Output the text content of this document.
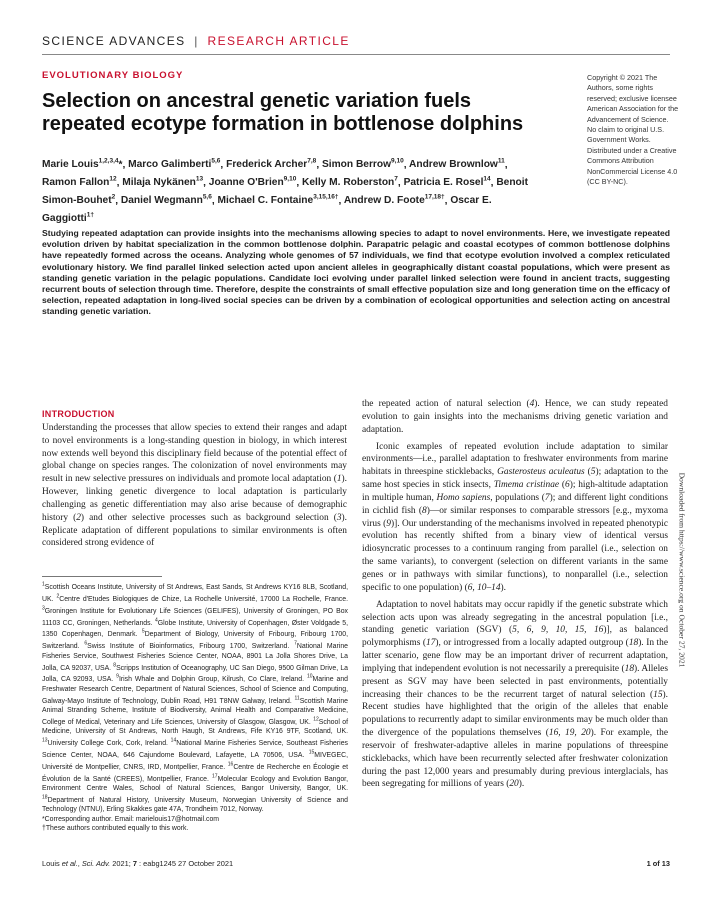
SCIENCE ADVANCES | RESEARCH ARTICLE
EVOLUTIONARY BIOLOGY
Selection on ancestral genetic variation fuels repeated ecotype formation in bottlenose dolphins
Marie Louis$^{1,2,3,4}$*, Marco Galimberti$^{5,6}$, Frederick Archer$^{7,8}$, Simon Berrow$^{9,10}$, Andrew Brownlow$^{11}$, Ramon Fallon$^{12}$, Milaja Nykänen$^{13}$, Joanne O'Brien$^{9,10}$, Kelly M. Roberston$^7$, Patricia E. Rosel$^{14}$, Benoit Simon-Bouhet$^2$, Daniel Wegmann$^{5,6}$, Michael C. Fontaine$^{3,15,16\dagger}$, Andrew D. Foote$^{17,18\dagger}$, Oscar E. Gaggiotti$^{1\dagger}$
Copyright © 2021 The Authors, some rights reserved; exclusive licensee American Association for the Advancement of Science. No claim to original U.S. Government Works. Distributed under a Creative Commons Attribution NonCommercial License 4.0 (CC BY-NC).

Studying repeated adaptation can provide insights into the mechanisms allowing species to adapt to novel environments. Here, we investigate repeated evolution driven by habitat specialization in the common bottlenose dolphin. Parapatric pelagic and coastal ecotypes of common bottlenose dolphins have repeatedly formed across the oceans. Analyzing whole genomes of 57 individuals, we find that ecotype evolution involved a complex reticulated evolutionary history. We find parallel linked selection acted upon ancient alleles in geographically distant coastal populations, which were present as standing genetic variation in the pelagic populations. Candidate loci evolving under parallel linked selection were found in ancient tracts, suggesting recurrent bouts of selection through time. Therefore, despite the constraints of small effective population size and long generation time on the efficacy of selection, repeated adaptation in long-lived social species can be driven by a combination of ecological opportunities and selection acting on ancestral standing genetic variation.

INTRODUCTION

Understanding the processes that allow species to extend their ranges and adapt to novel environments is a long-standing question in biology, in which interest now extends well beyond this disciplinary field because of the potential effect of global change on species ranges. The colonization of novel environments may result in new selective pressures on individuals and promote local adaptation (1). However, linking genetic divergence to local adaptation is particularly challenging as genetic differentiation may also arise because of demographic history (2) and other selective processes such as background selection (3). Replicate adaptation of different populations to similar environments is often considered strong evidence of

$^1$Scottish Oceans Institute, University of St Andrews, East Sands, St Andrews KY16 8LB, Scotland, UK. $^2$Centre d'Etudes Biologiques de Chize, La Rochelle Université, 17000 La Rochelle, France. $^3$Groningen Institute for Evolutionary Life Sciences (GELIFES), University of Groningen, PO Box 11103 CC, Groningen, Netherlands. $^4$Globe Institute, University of Copenhagen, Øster Voldgade 5, 1350 Copenhagen, Denmark. $^5$Department of Biology, University of Fribourg, Fribourg 1700, Switzerland. $^6$Swiss Institute of Bioinformatics, Fribourg 1700, Switzerland. $^7$National Marine Fisheries Service, Southwest Fisheries Science Center, NOAA, 8901 La Jolla Shores Drive, La Jolla, CA 92037, USA. $^8$Scripps Institution of Oceanography, UC San Diego, 9500 Gilman Drive, La Jolla, CA 92093, USA. $^9$Irish Whale and Dolphin Group, Kilrush, Co Clare, Ireland. $^{10}$Marine and Freshwater Research Centre, Department of Natural Sciences, School of Science and Computing, Galway-Mayo Institute of Technology, Dublin Road, H91 T8NW Galway, Ireland. $^{11}$Scottish Marine Animal Stranding Scheme, Institute of Biodiversity, Animal Health and Comparative Medicine, College of Medical, Veterinary and Life Sciences, University of Glasgow, Glasgow, UK. $^{12}$School of Medicine, University of St Andrews, North Haugh, St Andrews, Fife KY16 9TF, Scotland, UK. $^{13}$University College Cork, Cork, Ireland. $^{14}$National Marine Fisheries Service, Southeast Fisheries Science Center, NOAA, 646 Cajundome Boulevard, Lafayette, LA 70506, USA. $^{15}$MIVEGEC, Université de Montpellier, CNRS, IRD, Montpellier, France. $^{16}$Centre de Recherche en Écologie et Évolution de la Santé (CREES), Montpellier, France. $^{17}$Molecular Ecology and Evolution Bangor, Environment Centre Wales, School of Natural Sciences, Bangor University, Bangor, UK. $^{18}$Department of Natural History, University Museum, Norwegian University of Science and Technology (NTNU), Erling Skakkes gate 47A, Trondheim 7012, Norway.
*Corresponding author. Email: marielouis17@hotmail.com
†These authors contributed equally to this work.

the repeated action of natural selection (4). Hence, we can study repeated evolution to gain insights into the mechanisms driving genetic variation and adaptation.

Iconic examples of repeated evolution include adaptation to similar environments—i.e., parallel adaptation to freshwater environments from marine habitats in threespine sticklebacks, Gasterosteus aculeatus (5); adaptation to the same host species in stick insects, Timema cristinae (6); high-altitude adaptation in multiple human, Homo sapiens, populations (7); and different light conditions in cichlid fish (8)—or similar responses to comparable stressors [e.g., myxoma virus (9)]. Our understanding of the mechanisms involved in repeated phenotypic evolution has recently shifted from a binary view of identical versus idiosyncratic processes to a continuum ranging from parallel (i.e., selection on the same variants), to convergent (selection on different variants in the same genes or in pathways with similar functions), to nonparallel (i.e., selection specific to one population) (6, 10–14).

Adaptation to novel habitats may occur rapidly if the genetic substrate which selection acts upon was already segregating in the ancestral population [i.e., standing genetic variation (SGV) (5, 6, 9, 10, 15, 16)], as balanced polymorphisms (17), or introgressed from a locally adapted outgroup (18). In the latter scenario, gene flow may be an important driver of recurrent adaptation, implying that independent evolution is not necessarily a prerequisite (18). Alleles present as SGV may have been selected in past environments, potentially increasing their chances to be the recurrent target of natural selection (15). Recent studies have highlighted that the origin of the alleles that enable populations to recurrently adapt to similar environments may be much older than the divergence of the populations themselves (16, 19, 20). For example, the reservoir of freshwater-adaptive alleles in marine populations of threespine sticklebacks, which have been recurrently selected after freshwater colonization during the past 12,000 years and presumably during previous interglacials, has been segregating for millions of years (20).

Downloaded from https://www.science.org on October 27, 2021
Louis et al., Sci. Adv. 2021; 7 : eabg1245 27 October 2021	1 of 13
